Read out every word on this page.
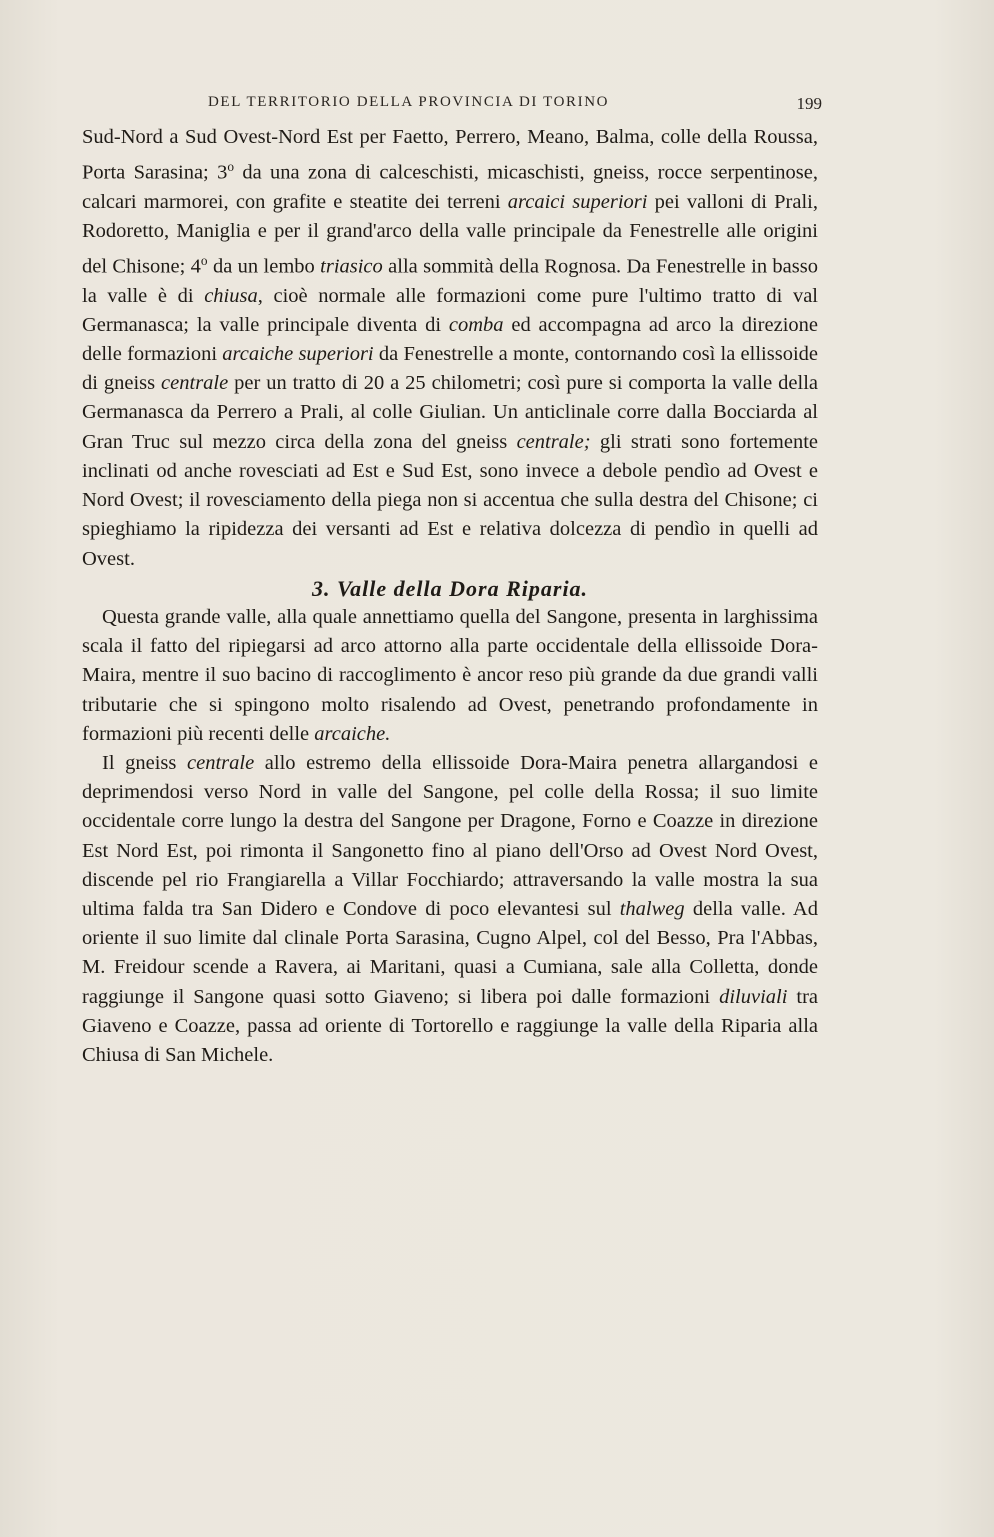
DEL TERRITORIO DELLA PROVINCIA DI TORINO	199

Sud-Nord a Sud Ovest-Nord Est per Faetto, Perrero, Meano, Balma, colle della Roussa, Porta Sarasina; 3$^o$ da una zona di calceschisti, micaschisti, gneiss, rocce serpentinose, calcari marmorei, con grafite e steatite dei terreni arcaici superiori pei valloni di Prali, Rodoretto, Maniglia e per il grand'arco della valle principale da Fenestrelle alle origini del Chisone; 4$^o$ da un lembo triasico alla sommità della Rognosa. Da Fenestrelle in basso la valle è di chiusa, cioè normale alle formazioni come pure l'ultimo tratto di val Germanasca; la valle principale diventa di comba ed accompagna ad arco la direzione delle formazioni arcaiche superiori da Fenestrelle a monte, contornando così la ellissoide di gneiss centrale per un tratto di 20 a 25 chilometri; così pure si comporta la valle della Germanasca da Perrero a Prali, al colle Giulian. Un anticlinale corre dalla Bocciarda al Gran Truc sul mezzo circa della zona del gneiss centrale; gli strati sono fortemente inclinati od anche rovesciati ad Est e Sud Est, sono invece a debole pendìo ad Ovest e Nord Ovest; il rovesciamento della piega non si accentua che sulla destra del Chisone; ci spieghiamo la ripidezza dei versanti ad Est e relativa dolcezza di pendìo in quelli ad Ovest.

3. Valle della Dora Riparia.

Questa grande valle, alla quale annettiamo quella del Sangone, presenta in larghissima scala il fatto del ripiegarsi ad arco attorno alla parte occidentale della ellissoide Dora-Maira, mentre il suo bacino di raccoglimento è ancor reso più grande da due grandi valli tributarie che si spingono molto risalendo ad Ovest, penetrando profondamente in formazioni più recenti delle arcaiche.

Il gneiss centrale allo estremo della ellissoide Dora-Maira penetra allargandosi e deprimendosi verso Nord in valle del Sangone, pel colle della Rossa; il suo limite occidentale corre lungo la destra del Sangone per Dragone, Forno e Coazze in direzione Est Nord Est, poi rimonta il Sangonetto fino al piano dell'Orso ad Ovest Nord Ovest, discende pel rio Frangiarella a Villar Focchiardo; attraversando la valle mostra la sua ultima falda tra San Didero e Condove di poco elevantesi sul thalweg della valle. Ad oriente il suo limite dal clinale Porta Sarasina, Cugno Alpel, col del Besso, Pra l'Abbas, M. Freidour scende a Ravera, ai Maritani, quasi a Cumiana, sale alla Colletta, donde raggiunge il Sangone quasi sotto Giaveno; si libera poi dalle formazioni diluviali tra Giaveno e Coazze, passa ad oriente di Tortorello e raggiunge la valle della Riparia alla Chiusa di San Michele.
